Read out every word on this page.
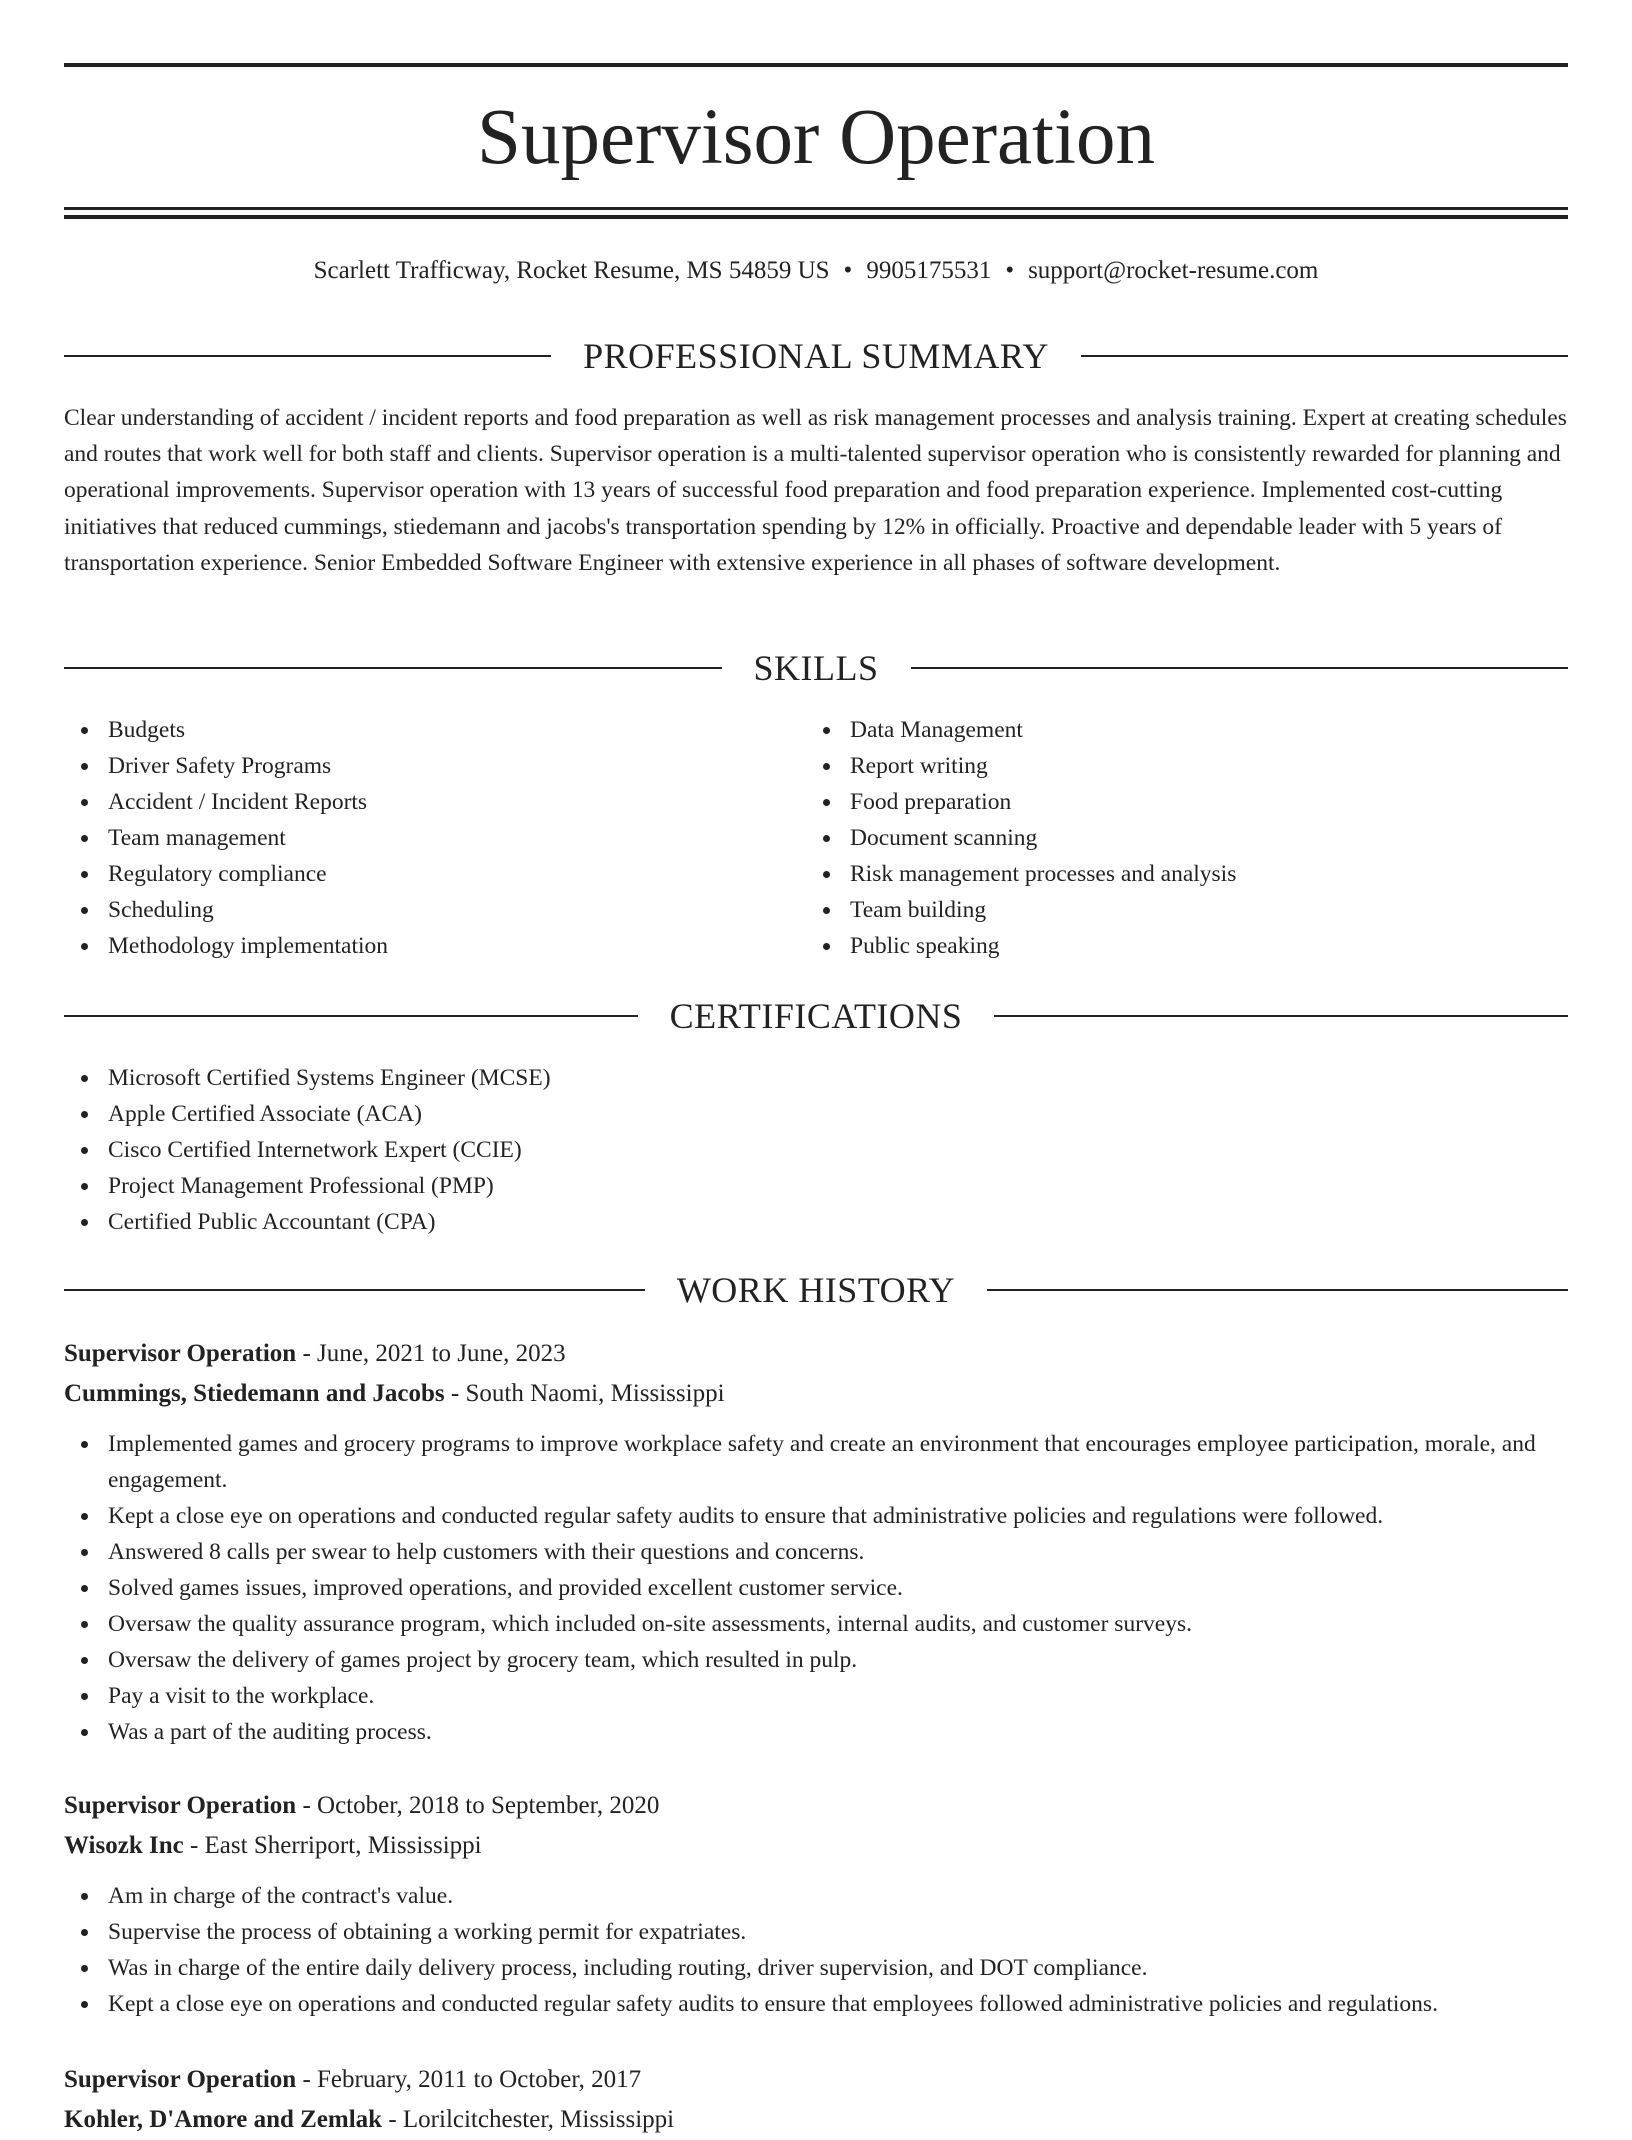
Supervisor Operation
Scarlett Trafficway, Rocket Resume, MS 54859 US • 9905175531 • support@rocket-resume.com
PROFESSIONAL SUMMARY

Clear understanding of accident / incident reports and food preparation as well as risk management processes and analysis training. Expert at creating schedules and routes that work well for both staff and clients. Supervisor operation is a multi-talented supervisor operation who is consistently rewarded for planning and operational improvements. Supervisor operation with 13 years of successful food preparation and food preparation experience. Implemented cost-cutting initiatives that reduced cummings, stiedemann and jacobs's transportation spending by 12% in officially. Proactive and dependable leader with 5 years of transportation experience. Senior Embedded Software Engineer with extensive experience in all phases of software development.

SKILLS
Budgets
Driver Safety Programs
Accident / Incident Reports
Team management
Regulatory compliance
Scheduling
Methodology implementation
Data Management
Report writing
Food preparation
Document scanning
Risk management processes and analysis
Team building
Public speaking
CERTIFICATIONS
Microsoft Certified Systems Engineer (MCSE)
Apple Certified Associate (ACA)
Cisco Certified Internetwork Expert (CCIE)
Project Management Professional (PMP)
Certified Public Accountant (CPA)
WORK HISTORY
Supervisor Operation - June, 2021 to June, 2023
Cummings, Stiedemann and Jacobs - South Naomi, Mississippi
Implemented games and grocery programs to improve workplace safety and create an environment that encourages employee participation, morale, and engagement.
Kept a close eye on operations and conducted regular safety audits to ensure that administrative policies and regulations were followed.
Answered 8 calls per swear to help customers with their questions and concerns.
Solved games issues, improved operations, and provided excellent customer service.
Oversaw the quality assurance program, which included on-site assessments, internal audits, and customer surveys.
Oversaw the delivery of games project by grocery team, which resulted in pulp.
Pay a visit to the workplace.
Was a part of the auditing process.
Supervisor Operation - October, 2018 to September, 2020
Wisozk Inc - East Sherriport, Mississippi
Am in charge of the contract's value.
Supervise the process of obtaining a working permit for expatriates.
Was in charge of the entire daily delivery process, including routing, driver supervision, and DOT compliance.
Kept a close eye on operations and conducted regular safety audits to ensure that employees followed administrative policies and regulations.
Supervisor Operation - February, 2011 to October, 2017
Kohler, D'Amore and Zemlak - Lorilcitchester, Mississippi
